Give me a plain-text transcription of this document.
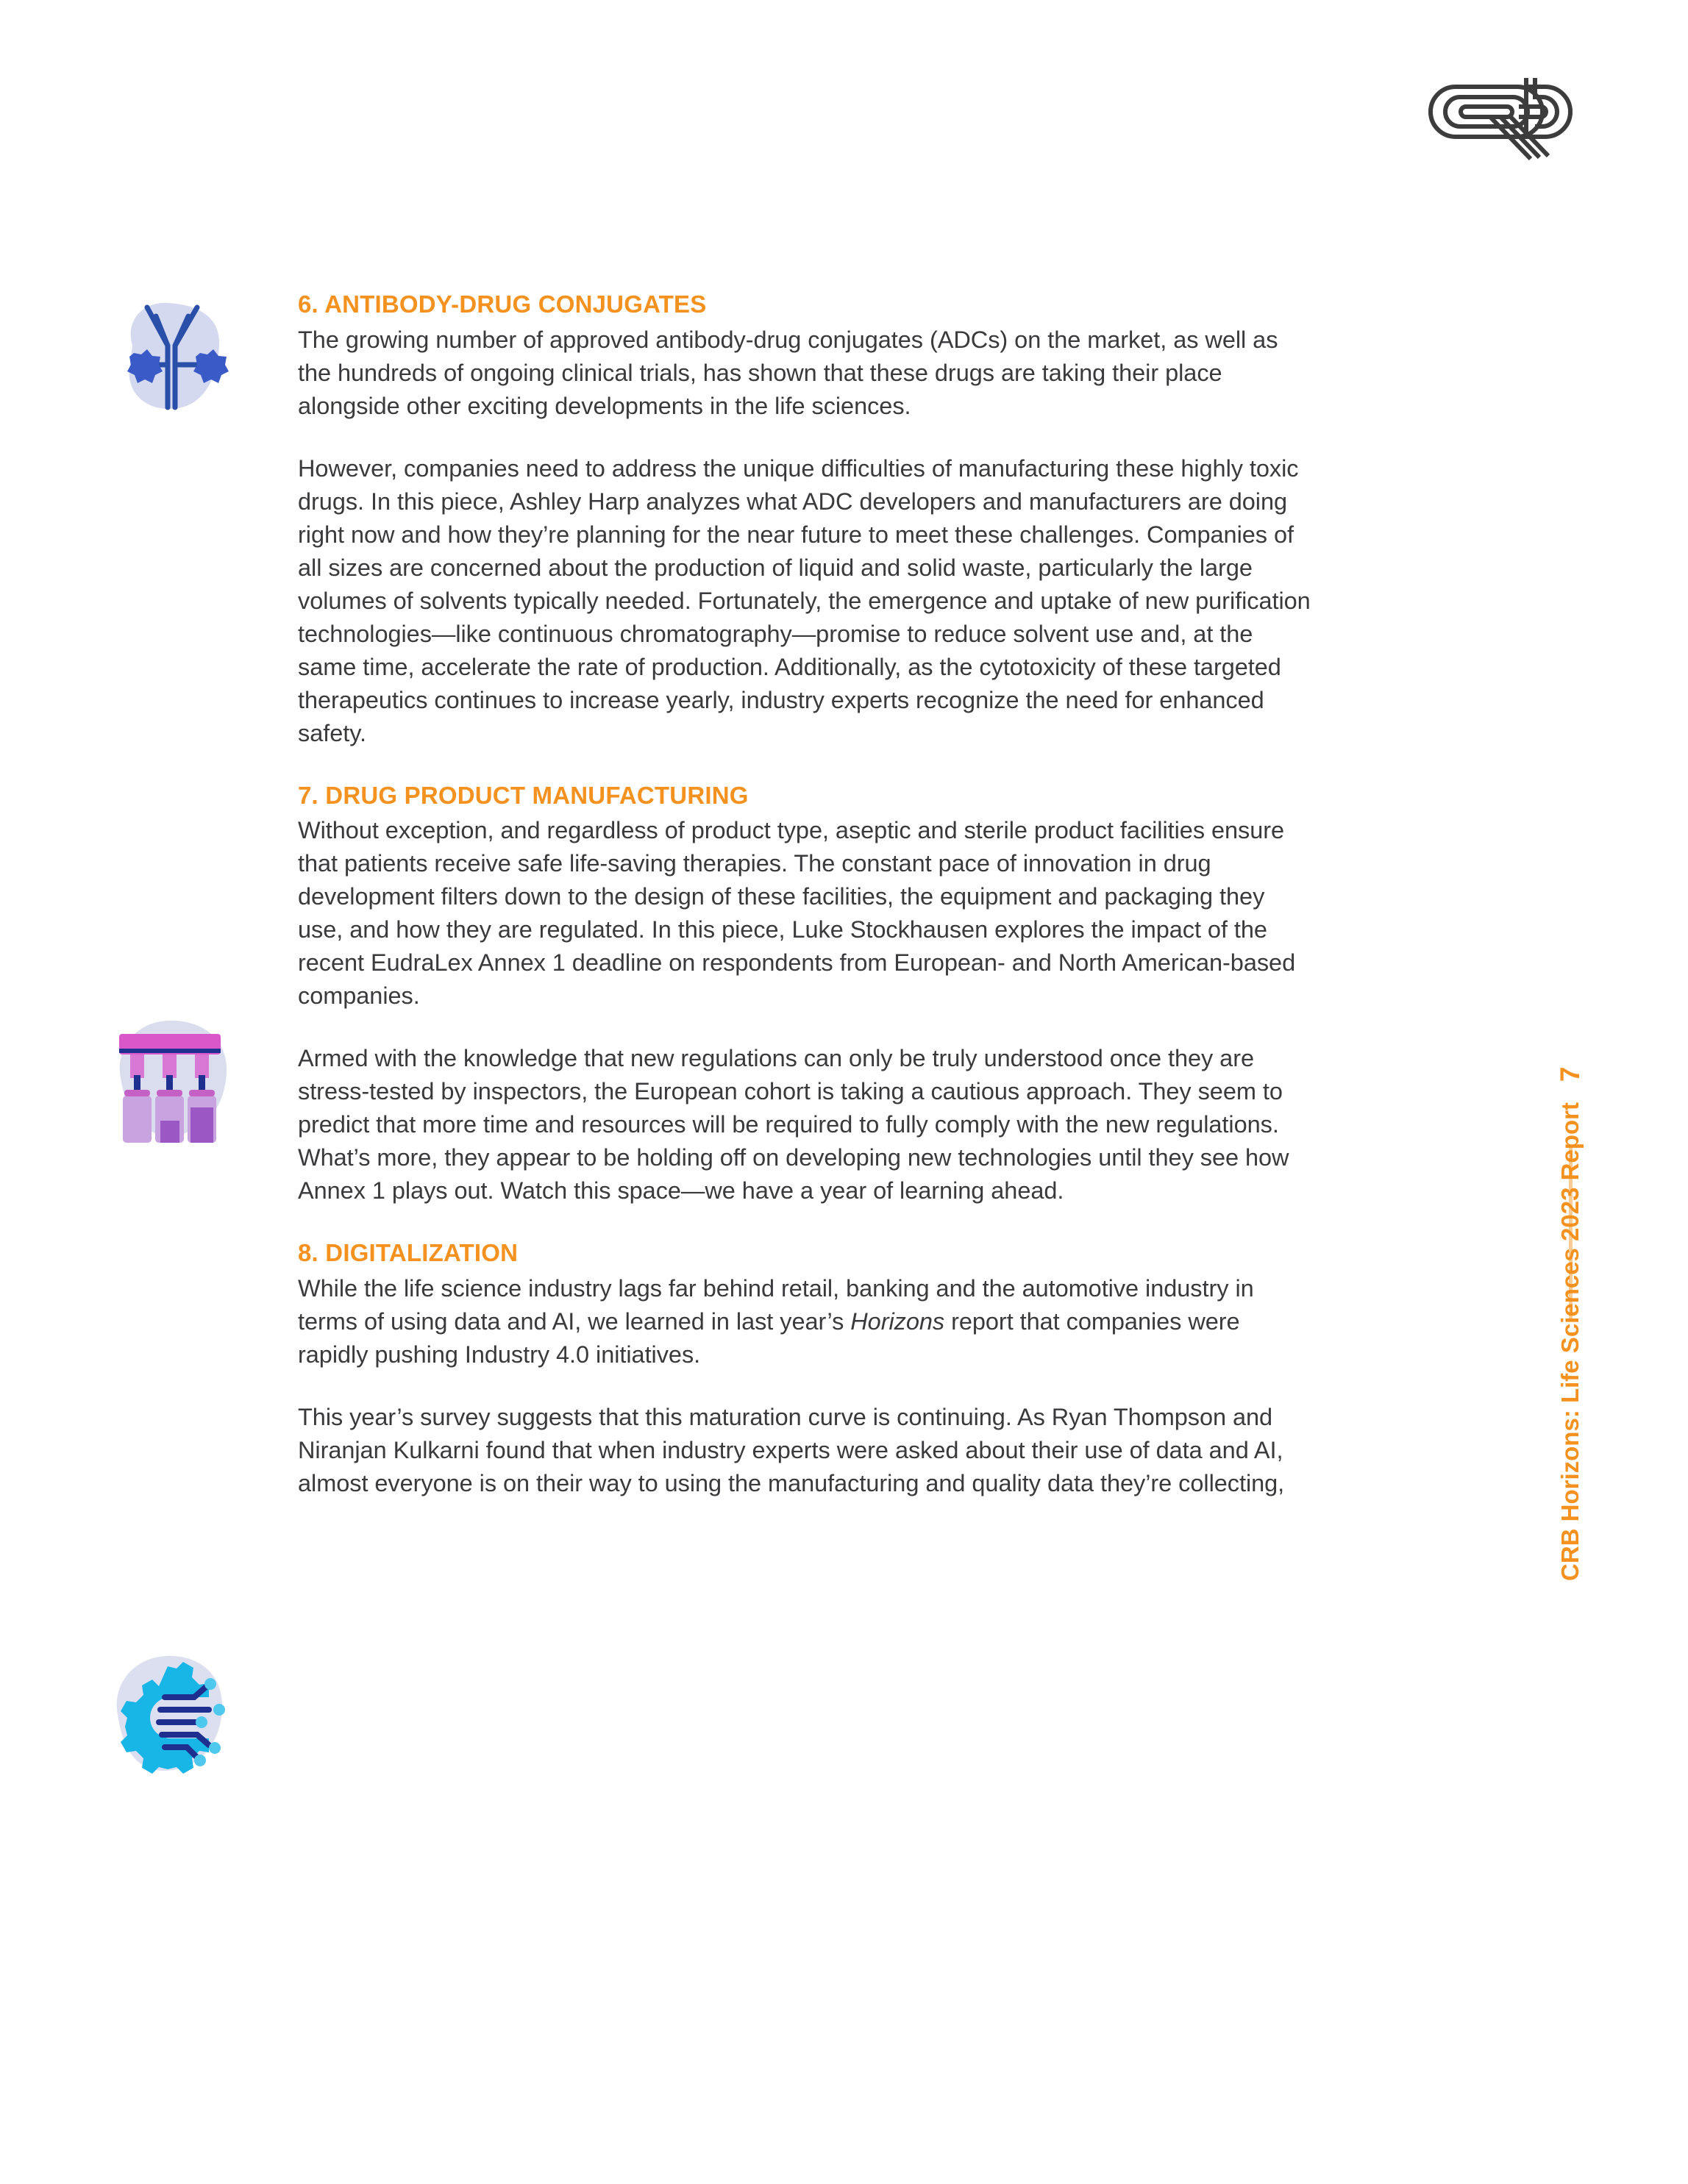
6. ANTIBODY-DRUG CONJUGATES

The growing number of approved antibody-drug conjugates (ADCs) on the market, as well as the hundreds of ongoing clinical trials, has shown that these drugs are taking their place alongside other exciting developments in the life sciences.

However, companies need to address the unique difficulties of manufacturing these highly toxic drugs. In this piece, Ashley Harp analyzes what ADC developers and manufacturers are doing right now and how they’re planning for the near future to meet these challenges. Companies of all sizes are concerned about the production of liquid and solid waste, particularly the large volumes of solvents typically needed. Fortunately, the emergence and uptake of new purification technologies—like continuous chromatography—promise to reduce solvent use and, at the same time, accelerate the rate of production. Additionally, as the cytotoxicity of these targeted therapeutics continues to increase yearly, industry experts recognize the need for enhanced safety.

7. DRUG PRODUCT MANUFACTURING

Without exception, and regardless of product type, aseptic and sterile product facilities ensure that patients receive safe life-saving therapies. The constant pace of innovation in drug development filters down to the design of these facilities, the equipment and packaging they use, and how they are regulated. In this piece, Luke Stockhausen explores the impact of the recent EudraLex Annex 1 deadline on respondents from European- and North American-based companies.

Armed with the knowledge that new regulations can only be truly understood once they are stress-tested by inspectors, the European cohort is taking a cautious approach. They seem to predict that more time and resources will be required to fully comply with the new regulations. What’s more, they appear to be holding off on developing new technologies until they see how Annex 1 plays out. Watch this space—we have a year of learning ahead.

8. DIGITALIZATION

While the life science industry lags far behind retail, banking and the automotive industry in terms of using data and AI, we learned in last year’s Horizons report that companies were rapidly pushing Industry 4.0 initiatives.

This year’s survey suggests that this maturation curve is continuing. As Ryan Thompson and Niranjan Kulkarni found that when industry experts were asked about their use of data and AI, almost everyone is on their way to using the manufacturing and quality data they’re collecting,

7
CRB Horizons: Life Sciences 2023 Report
